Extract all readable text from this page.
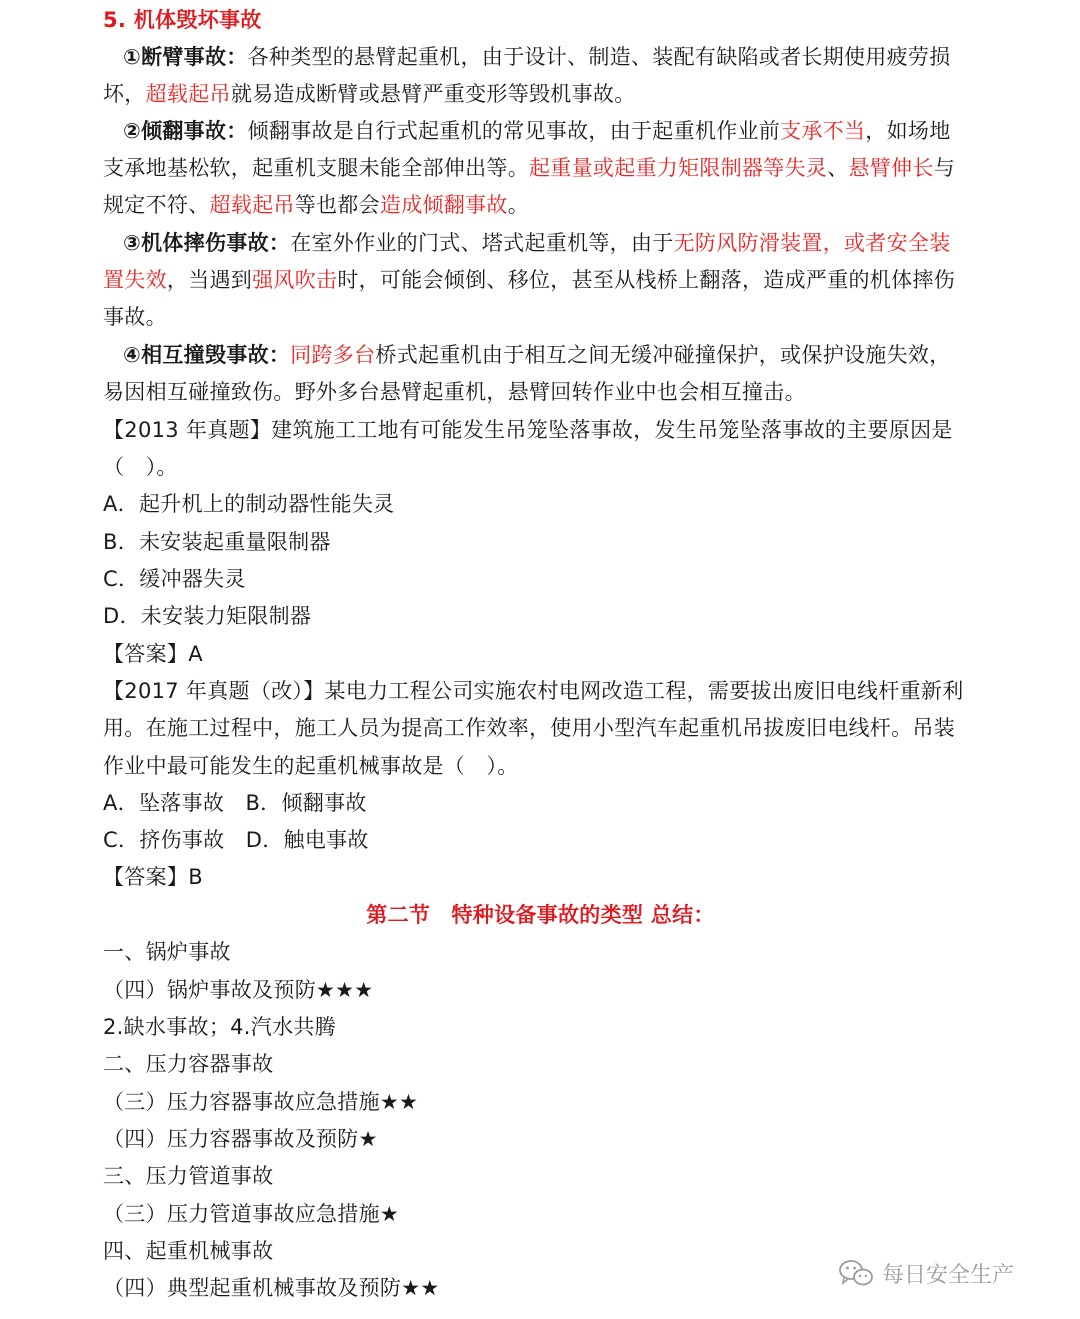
5. 机体毁坏事故
①断臂事故：各种类型的悬臂起重机，由于设计、制造、装配有缺陷或者长期使用疲劳损
坏，超载起吊就易造成断臂或悬臂严重变形等毁机事故。
②倾翻事故：倾翻事故是自行式起重机的常见事故，由于起重机作业前支承不当，如场地
支承地基松软，起重机支腿未能全部伸出等。起重量或起重力矩限制器等失灵、悬臂伸长与
规定不符、超载起吊等也都会造成倾翻事故。
③机体摔伤事故：在室外作业的门式、塔式起重机等，由于无防风防滑装置，或者安全装
置失效，当遇到强风吹击时，可能会倾倒、移位，甚至从栈桥上翻落，造成严重的机体摔伤
事故。
④相互撞毁事故：同跨多台桥式起重机由于相互之间无缓冲碰撞保护，或保护设施失效，
易因相互碰撞致伤。野外多台悬臂起重机，悬臂回转作业中也会相互撞击。
【2013 年真题】建筑施工工地有可能发生吊笼坠落事故，发生吊笼坠落事故的主要原因是
（　）。
A．起升机上的制动器性能失灵
B．未安装起重量限制器
C．缓冲器失灵
D．未安装力矩限制器
【答案】A
【2017 年真题（改）】某电力工程公司实施农村电网改造工程，需要拔出废旧电线杆重新利
用。在施工过程中，施工人员为提高工作效率，使用小型汽车起重机吊拔废旧电线杆。吊装
作业中最可能发生的起重机械事故是（　）。
A．坠落事故　B．倾翻事故
C．挤伤事故　D．触电事故
【答案】B
第二节　特种设备事故的类型 总结：
一、锅炉事故
（四）锅炉事故及预防★★★
2.缺水事故；4.汽水共腾
二、压力容器事故
（三）压力容器事故应急措施★★
（四）压力容器事故及预防★
三、压力管道事故
（三）压力管道事故应急措施★
四、起重机械事故
（四）典型起重机械事故及预防★★
每日安全生产
